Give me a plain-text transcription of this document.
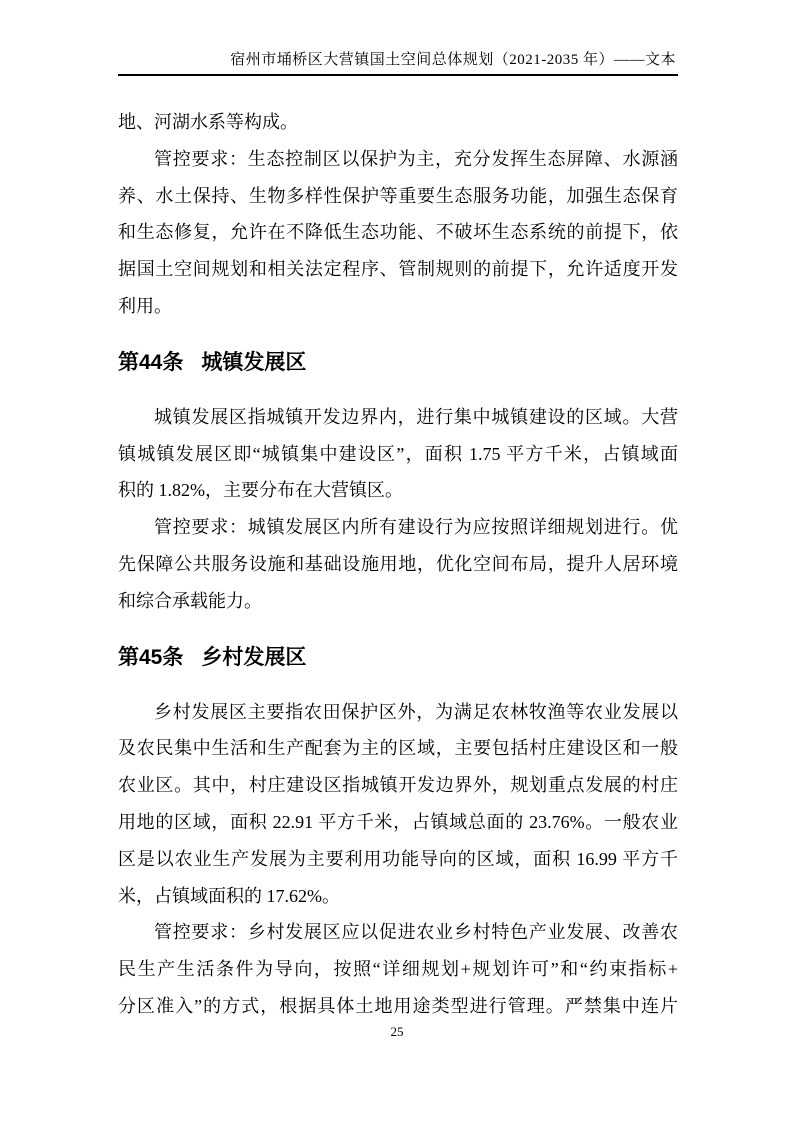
宿州市埇桥区大营镇国土空间总体规划（2021-2035 年）——文本
地、河湖水系等构成。
管控要求：生态控制区以保护为主，充分发挥生态屏障、水源涵
养、水土保持、生物多样性保护等重要生态服务功能，加强生态保育
和生态修复，允许在不降低生态功能、不破坏生态系统的前提下，依
据国土空间规划和相关法定程序、管制规则的前提下，允许适度开发
利用。
第44条 城镇发展区
城镇发展区指城镇开发边界内，进行集中城镇建设的区域。大营
镇城镇发展区即“城镇集中建设区”，面积 1.75 平方千米，占镇域面
积的 1.82%，主要分布在大营镇区。
管控要求：城镇发展区内所有建设行为应按照详细规划进行。优
先保障公共服务设施和基础设施用地，优化空间布局，提升人居环境
和综合承载能力。
第45条 乡村发展区
乡村发展区主要指农田保护区外，为满足农林牧渔等农业发展以
及农民集中生活和生产配套为主的区域，主要包括村庄建设区和一般
农业区。其中，村庄建设区指城镇开发边界外，规划重点发展的村庄
用地的区域，面积 22.91 平方千米，占镇域总面的 23.76%。一般农业
区是以农业生产发展为主要利用功能导向的区域，面积 16.99 平方千
米，占镇域面积的 17.62%。
管控要求：乡村发展区应以促进农业乡村特色产业发展、改善农
民生产生活条件为导向，按照“详细规划+规划许可”和“约束指标+
分区准入”的方式，根据具体土地用途类型进行管理。严禁集中连片
25
